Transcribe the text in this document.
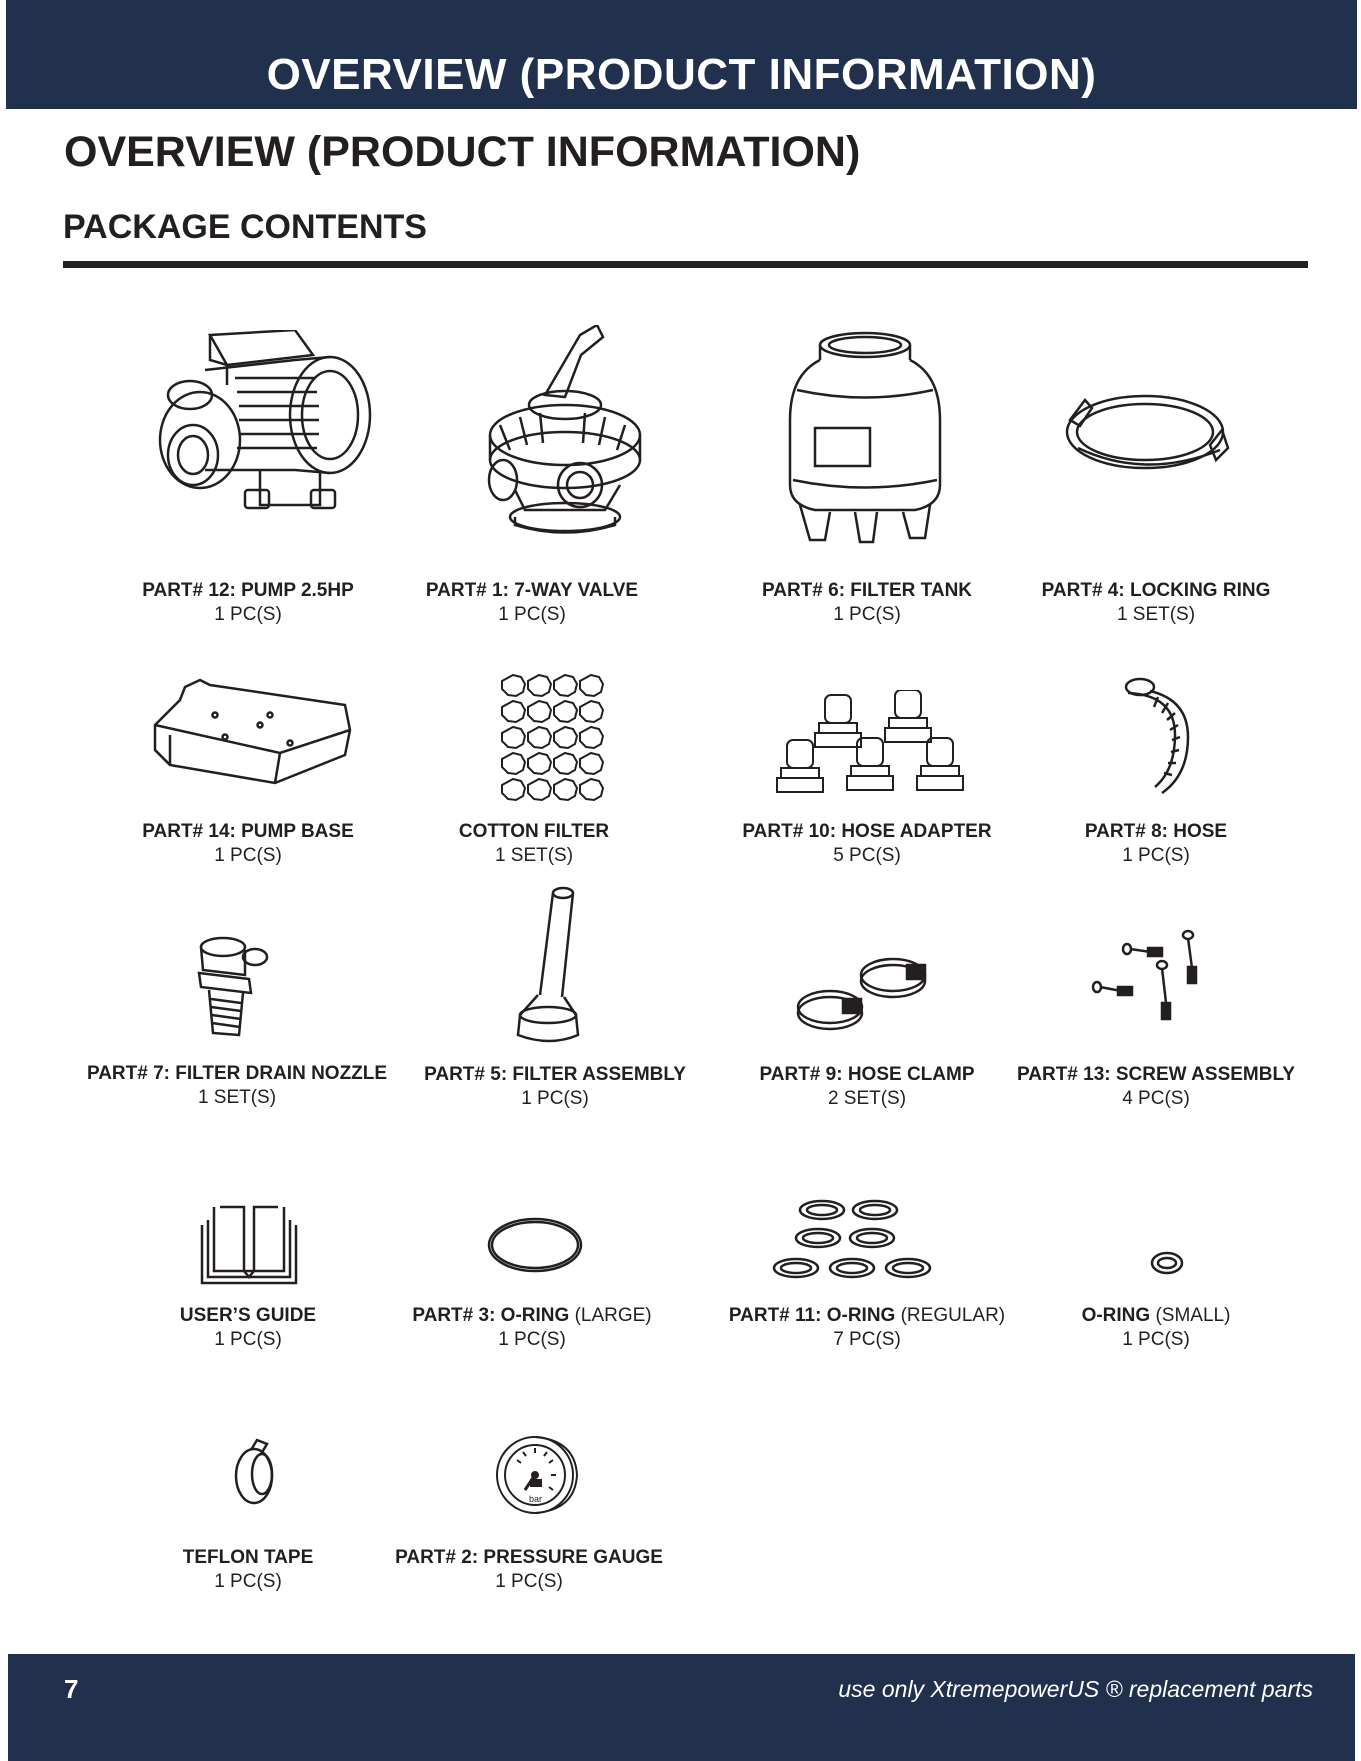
OVERVIEW (PRODUCT INFORMATION)
OVERVIEW (PRODUCT INFORMATION)
PACKAGE CONTENTS
PART# 12: PUMP 2.5HP
1 PC(S)
PART# 1: 7-WAY VALVE
1 PC(S)
PART# 6: FILTER TANK
1 PC(S)
PART# 4: LOCKING RING
1 SET(S)
PART# 14: PUMP BASE
1 PC(S)
COTTON FILTER
1 SET(S)
PART# 10: HOSE ADAPTER
5 PC(S)
PART# 8: HOSE
1 PC(S)
PART# 7: FILTER DRAIN NOZZLE
1 SET(S)
PART# 5: FILTER ASSEMBLY
1 PC(S)
PART# 9: HOSE CLAMP
2 SET(S)
PART# 13: SCREW ASSEMBLY
4 PC(S)
USER’S GUIDE
1 PC(S)
PART# 3: O-RING (LARGE)
1 PC(S)
PART# 11: O-RING (REGULAR)
7 PC(S)
O-RING (SMALL)
1 PC(S)
bar
TEFLON TAPE
1 PC(S)
PART# 2: PRESSURE GAUGE
1 PC(S)
7	use only XtremepowerUS ® replacement parts
